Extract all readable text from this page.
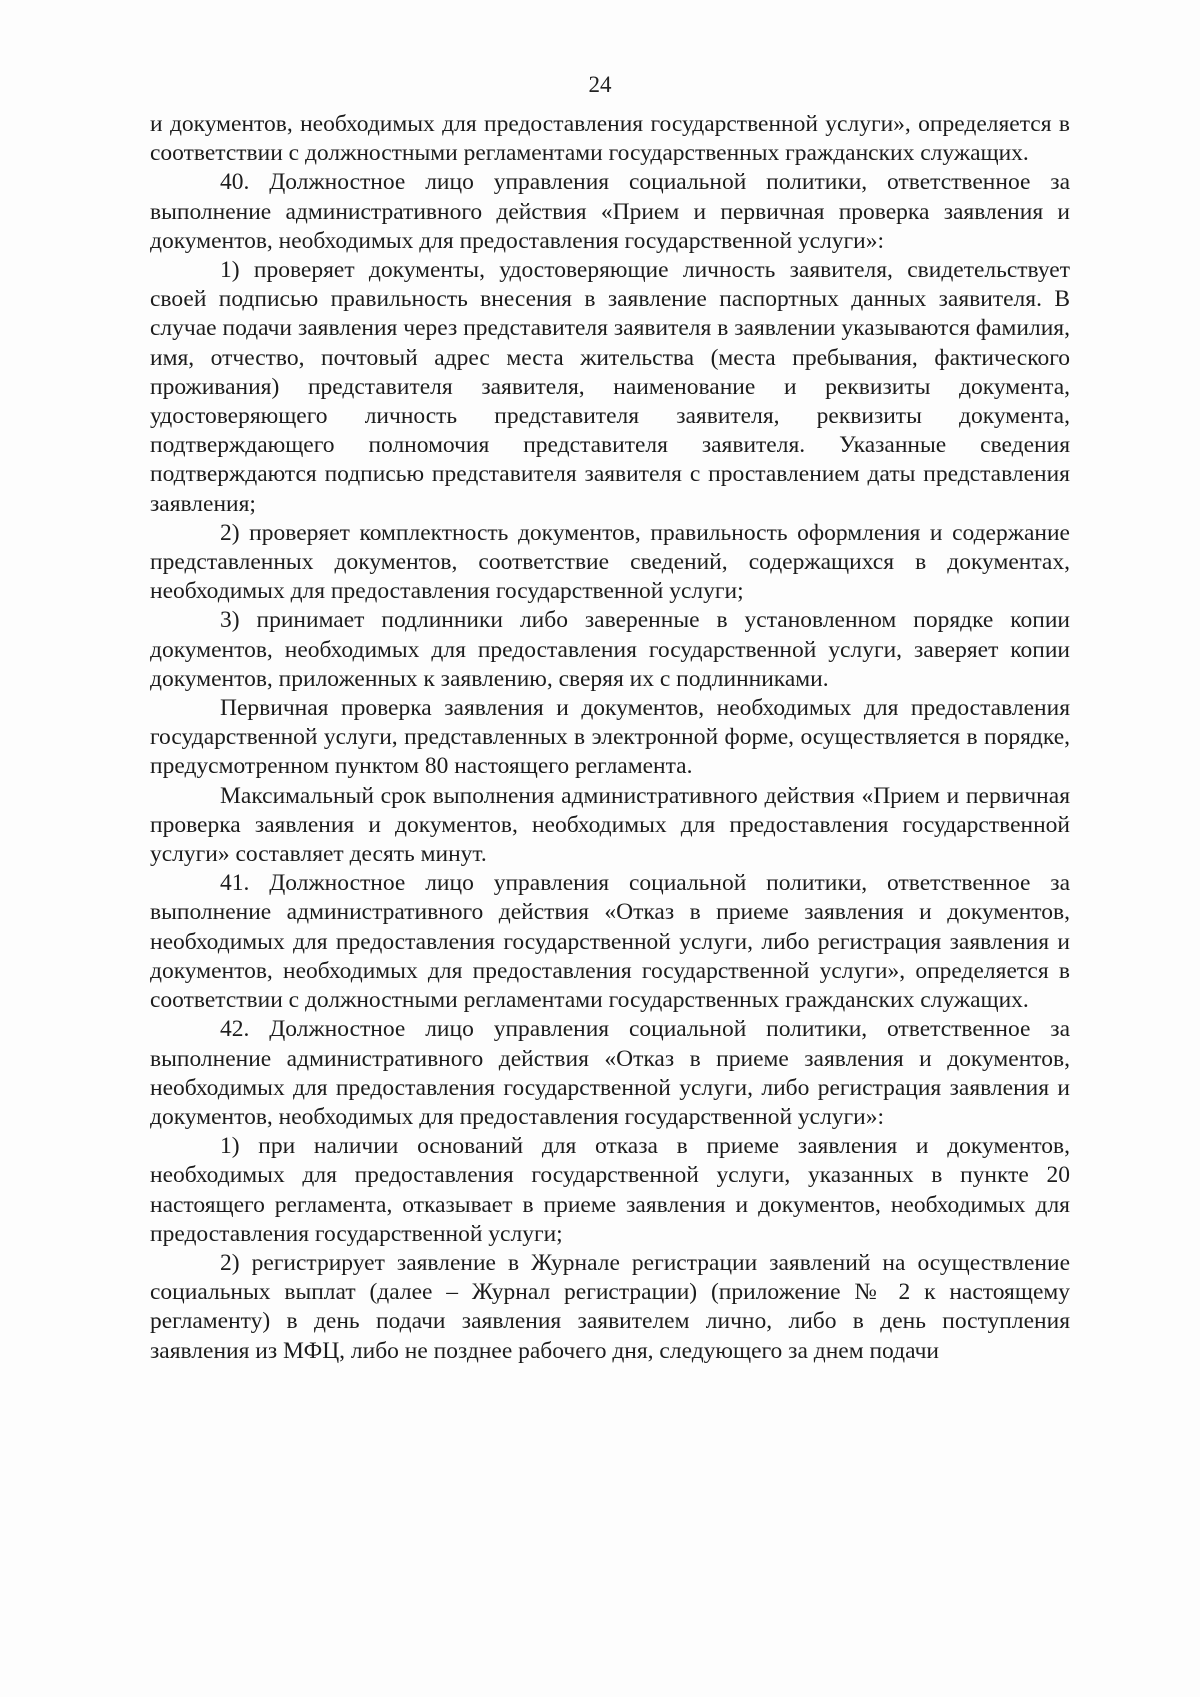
24

и документов, необходимых для предоставления государственной услуги», определяется в соответствии с должностными регламентами государственных гражданских служащих.

40. Должностное лицо управления социальной политики, ответственное за выполнение административного действия «Прием и первичная проверка заявления и документов, необходимых для предоставления государственной услуги»:

1) проверяет документы, удостоверяющие личность заявителя, свидетельствует своей подписью правильность внесения в заявление паспортных данных заявителя. В случае подачи заявления через представителя заявителя в заявлении указываются фамилия, имя, отчество, почтовый адрес места жительства (места пребывания, фактического проживания) представителя заявителя, наименование и реквизиты документа, удостоверяющего личность представителя заявителя, реквизиты документа, подтверждающего полномочия представителя заявителя. Указанные сведения подтверждаются подписью представителя заявителя с проставлением даты представления заявления;

2) проверяет комплектность документов, правильность оформления и содержание представленных документов, соответствие сведений, содержащихся в документах, необходимых для предоставления государственной услуги;

3) принимает подлинники либо заверенные в установленном порядке копии документов, необходимых для предоставления государственной услуги, заверяет копии документов, приложенных к заявлению, сверяя их с подлинниками.

Первичная проверка заявления и документов, необходимых для предоставления государственной услуги, представленных в электронной форме, осуществляется в порядке, предусмотренном пунктом 80 настоящего регламента.

Максимальный срок выполнения административного действия «Прием и первичная проверка заявления и документов, необходимых для предоставления государственной услуги» составляет десять минут.

41. Должностное лицо управления социальной политики, ответственное за выполнение административного действия «Отказ в приеме заявления и документов, необходимых для предоставления государственной услуги, либо регистрация заявления и документов, необходимых для предоставления государственной услуги», определяется в соответствии с должностными регламентами государственных гражданских служащих.

42. Должностное лицо управления социальной политики, ответственное за выполнение административного действия «Отказ в приеме заявления и документов, необходимых для предоставления государственной услуги, либо регистрация заявления и документов, необходимых для предоставления государственной услуги»:

1) при наличии оснований для отказа в приеме заявления и документов, необходимых для предоставления государственной услуги, указанных в пункте 20 настоящего регламента, отказывает в приеме заявления и документов, необходимых для предоставления государственной услуги;

2) регистрирует заявление в Журнале регистрации заявлений на осуществление социальных выплат (далее – Журнал регистрации) (приложение № 2 к настоящему регламенту) в день подачи заявления заявителем лично, либо в день поступления заявления из МФЦ, либо не позднее рабочего дня, следующего за днем подачи
